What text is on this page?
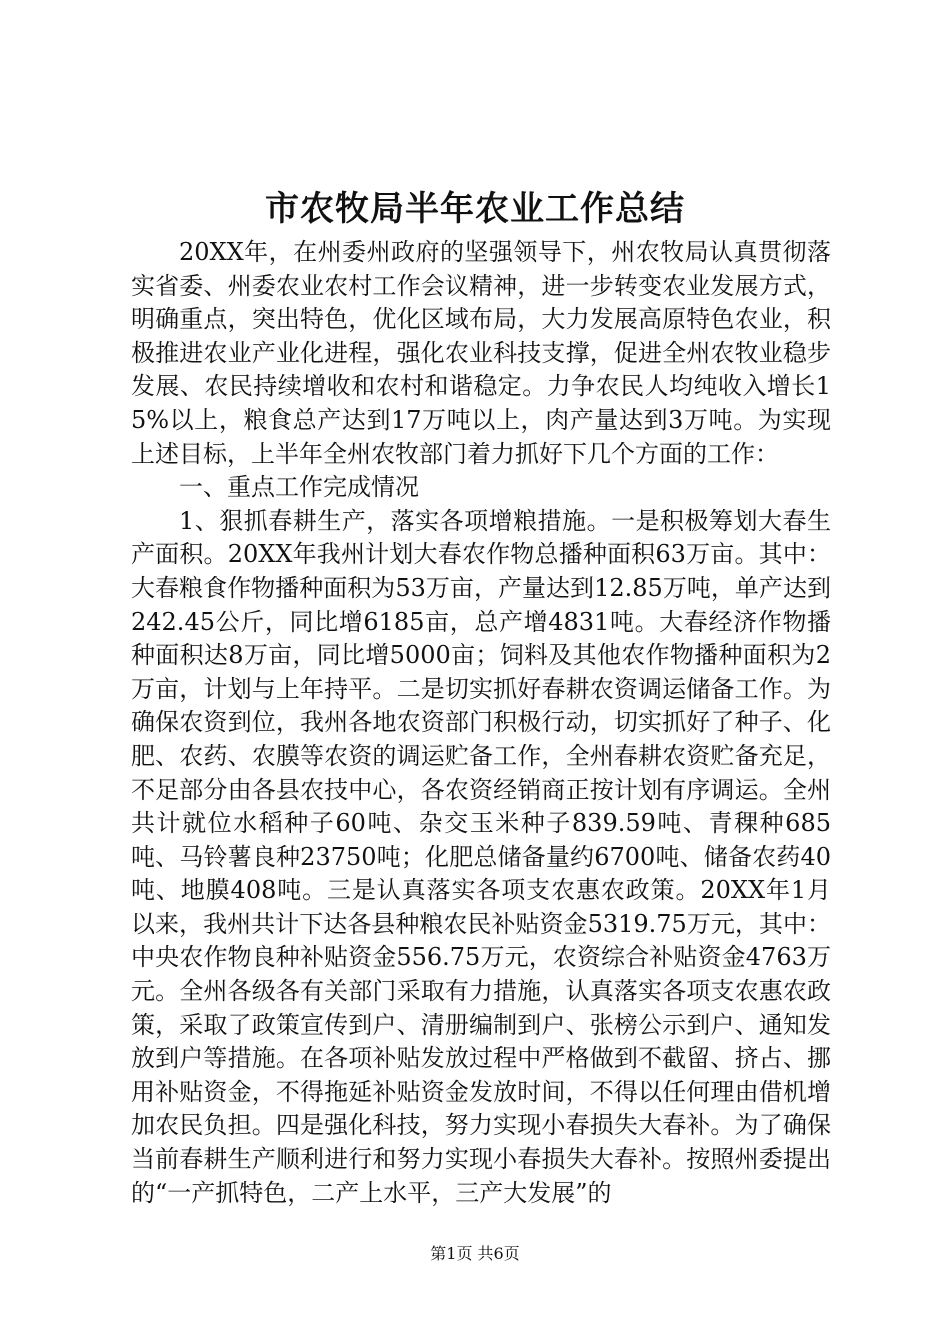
市农牧局半年农业工作总结

20XX年，在州委州政府的坚强领导下，州农牧局认真贯彻落实省委、州委农业农村工作会议精神，进一步转变农业发展方式，明确重点，突出特色，优化区域布局，大力发展高原特色农业，积极推进农业产业化进程，强化农业科技支撑，促进全州农牧业稳步发展、农民持续增收和农村和谐稳定。力争农民人均纯收入增长15%以上，粮食总产达到17万吨以上，肉产量达到3万吨。为实现上述目标，上半年全州农牧部门着力抓好下几个方面的工作：

一、重点工作完成情况

1、狠抓春耕生产，落实各项增粮措施。一是积极筹划大春生产面积。20XX年我州计划大春农作物总播种面积63万亩。其中：大春粮食作物播种面积为53万亩，产量达到12.85万吨，单产达到242.45公斤，同比增6185亩，总产增4831吨。大春经济作物播种面积达8万亩，同比增5000亩；饲料及其他农作物播种面积为2万亩，计划与上年持平。二是切实抓好春耕农资调运储备工作。为确保农资到位，我州各地农资部门积极行动，切实抓好了种子、化肥、农药、农膜等农资的调运贮备工作，全州春耕农资贮备充足，不足部分由各县农技中心，各农资经销商正按计划有序调运。全州共计就位水稻种子60吨、杂交玉米种子839.59吨、青稞种685吨、马铃薯良种23750吨；化肥总储备量约6700吨、储备农药40吨、地膜408吨。三是认真落实各项支农惠农政策。20XX年1月以来，我州共计下达各县种粮农民补贴资金5319.75万元，其中：中央农作物良种补贴资金556.75万元，农资综合补贴资金4763万元。全州各级各有关部门采取有力措施，认真落实各项支农惠农政策，采取了政策宣传到户、清册编制到户、张榜公示到户、通知发放到户等措施。在各项补贴发放过程中严格做到不截留、挤占、挪用补贴资金，不得拖延补贴资金发放时间，不得以任何理由借机增加农民负担。四是强化科技，努力实现小春损失大春补。为了确保当前春耕生产顺利进行和努力实现小春损失大春补。按照州委提出的“一产抓特色，二产上水平，三产大发展”的

第1页 共6页
